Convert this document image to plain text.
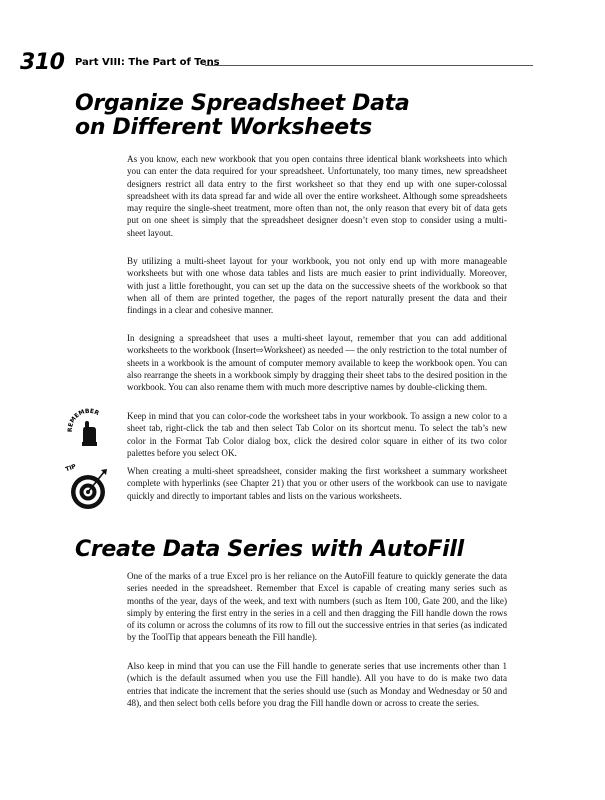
310 Part VIII: The Part of Tens
Organize Spreadsheet Data
on Different Worksheets

As you know, each new workbook that you open contains three identical blank worksheets into which you can enter the data required for your spreadsheet. Unfortunately, too many times, new spreadsheet designers restrict all data entry to the first worksheet so that they end up with one super-colossal spreadsheet with its data spread far and wide all over the entire worksheet. Although some spreadsheets may require the single-sheet treatment, more often than not, the only reason that every bit of data gets put on one sheet is simply that the spreadsheet designer doesn’t even stop to consider using a multi-sheet layout.

By utilizing a multi-sheet layout for your workbook, you not only end up with more manageable worksheets but with one whose data tables and lists are much easier to print individually. Moreover, with just a little forethought, you can set up the data on the successive sheets of the workbook so that when all of them are printed together, the pages of the report naturally present the data and their findings in a clear and cohesive manner.

In designing a spreadsheet that uses a multi-sheet layout, remember that you can add additional worksheets to the workbook (Insert⇨Worksheet) as needed — the only restriction to the total number of sheets in a workbook is the amount of computer memory available to keep the workbook open. You can also rearrange the sheets in a workbook simply by dragging their sheet tabs to the desired position in the workbook. You can also rename them with much more descriptive names by double-clicking them.

REMEMBER	Keep in mind that you can color-code the worksheet tabs in your workbook. To assign a new color to a sheet tab, right-click the tab and then select Tab Color on its shortcut menu. To select the tab’s new color in the Format Tab Color dialog box, click the desired color square in either of its two color palettes before you select OK.

TIP	When creating a multi-sheet spreadsheet, consider making the first worksheet a summary worksheet complete with hyperlinks (see Chapter 21) that you or other users of the workbook can use to navigate quickly and directly to important tables and lists on the various worksheets.

Create Data Series with AutoFill

One of the marks of a true Excel pro is her reliance on the AutoFill feature to quickly generate the data series needed in the spreadsheet. Remember that Excel is capable of creating many series such as months of the year, days of the week, and text with numbers (such as Item 100, Gate 200, and the like) simply by entering the first entry in the series in a cell and then dragging the Fill handle down the rows of its column or across the columns of its row to fill out the successive entries in that series (as indicated by the ToolTip that appears beneath the Fill handle).

Also keep in mind that you can use the Fill handle to generate series that use increments other than 1 (which is the default assumed when you use the Fill handle). All you have to do is make two data entries that indicate the increment that the series should use (such as Monday and Wednesday or 50 and 48), and then select both cells before you drag the Fill handle down or across to create the series.
